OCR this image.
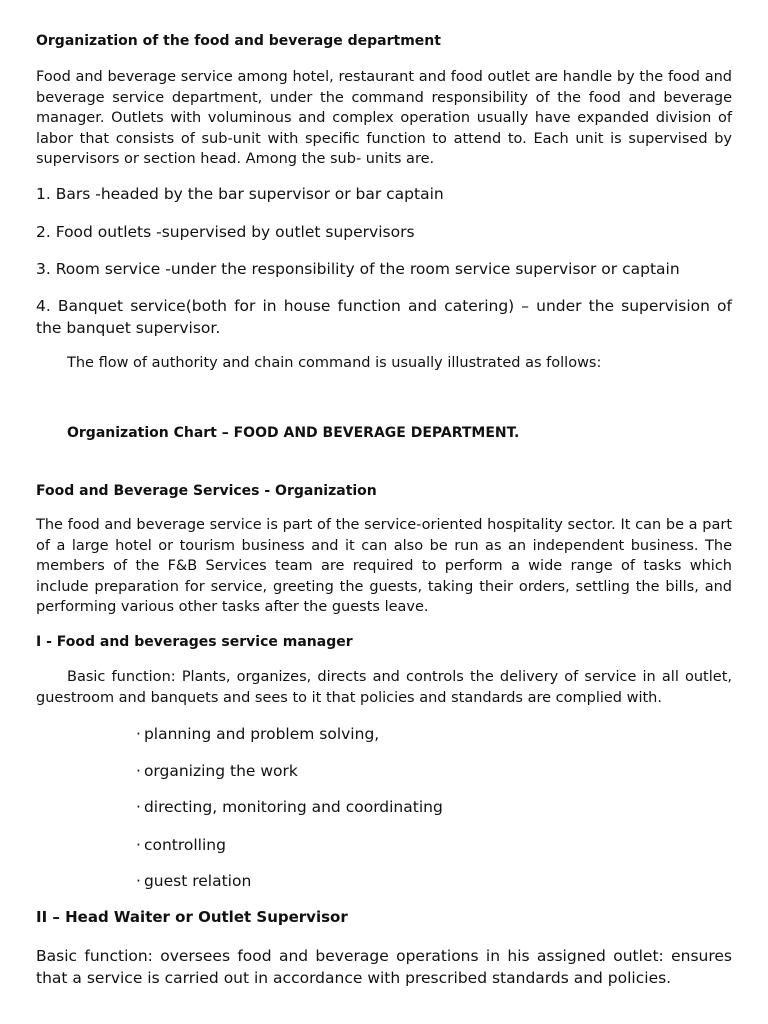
Organization of the food and beverage department

Food and beverage service among hotel, restaurant and food outlet are handle by the food and beverage service department, under the command responsibility of the food and beverage manager. Outlets with voluminous and complex operation usually have expanded division of labor that consists of sub-unit with specific function to attend to. Each unit is supervised by supervisors or section head. Among the sub- units are.

1. Bars -headed by the bar supervisor or bar captain

2. Food outlets -supervised by outlet supervisors

3. Room service -under the responsibility of the room service supervisor or captain

4. Banquet service(both for in house function and catering) – under the supervision of the banquet supervisor.

The flow of authority and chain command is usually illustrated as follows:

Organization Chart – FOOD AND BEVERAGE DEPARTMENT.

Food and Beverage Services - Organization

The food and beverage service is part of the service-oriented hospitality sector. It can be a part of a large hotel or tourism business and it can also be run as an independent business. The members of the F&B Services team are required to perform a wide range of tasks which include preparation for service, greeting the guests, taking their orders, settling the bills, and performing various other tasks after the guests leave.

I - Food and beverages service manager

Basic function: Plants, organizes, directs and controls the delivery of service in all outlet, guestroom and banquets and sees to it that policies and standards are complied with.

· planning and problem solving,
· organizing the work
· directing, monitoring and coordinating
· controlling
· guest relation

II – Head Waiter or Outlet Supervisor

Basic function: oversees food and beverage operations in his assigned outlet: ensures that a service is carried out in accordance with prescribed standards and policies.
